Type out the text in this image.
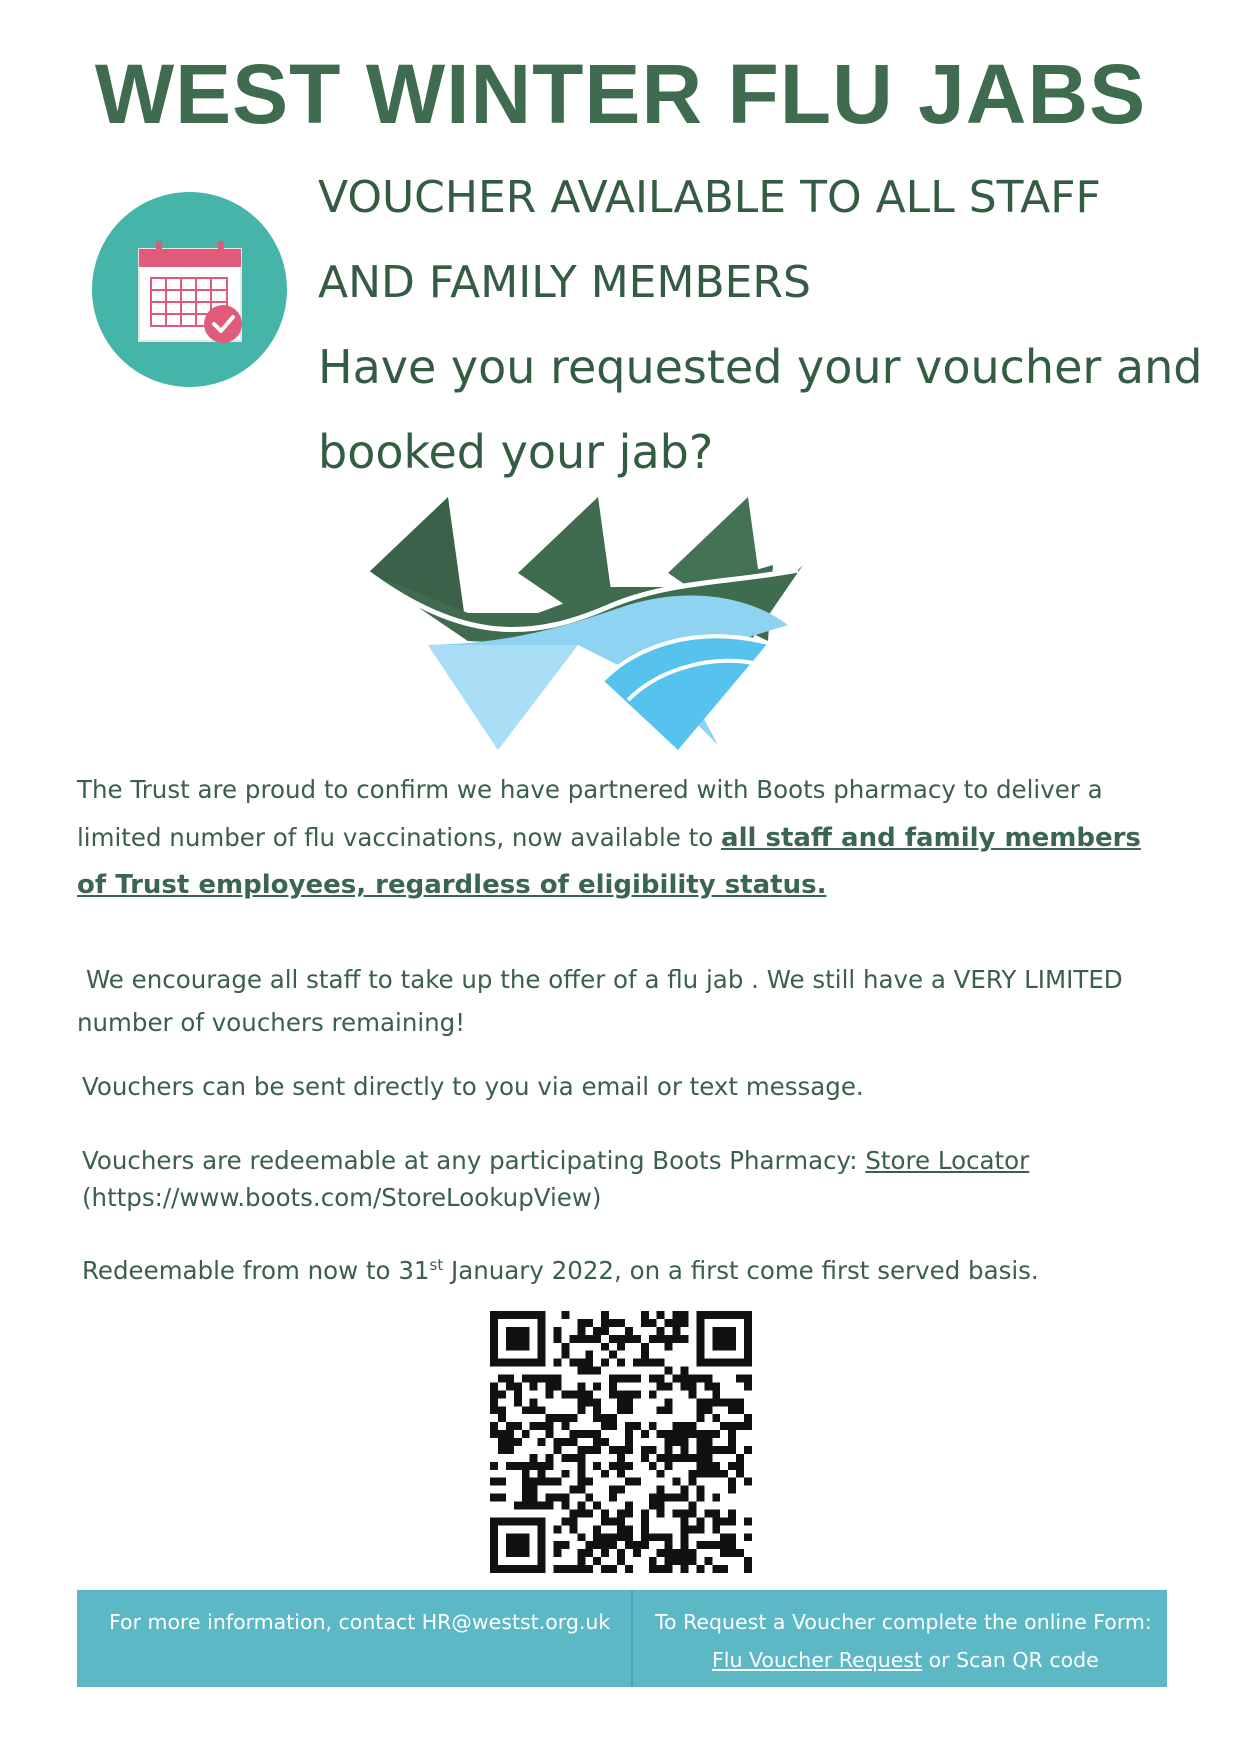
WEST WINTER FLU JABS
VOUCHER AVAILABLE TO ALL STAFF
AND FAMILY MEMBERS
Have you requested your voucher and
booked your jab?
The Trust are proud to confirm we have partnered with Boots pharmacy to deliver a
limited number of flu vaccinations, now available to all staff and family members
of Trust employees, regardless of eligibility status.
We encourage all staff to take up the offer of a flu jab . We still have a VERY LIMITED
number of vouchers remaining!
Vouchers can be sent directly to you via email or text message.
Vouchers are redeemable at any participating Boots Pharmacy: Store Locator
(https://www.boots.com/StoreLookupView)
Redeemable from now to 31st January 2022, on a first come first served basis.
For more information, contact HR@westst.org.uk To Request a Voucher complete the online Form:
Flu Voucher Request or Scan QR code
